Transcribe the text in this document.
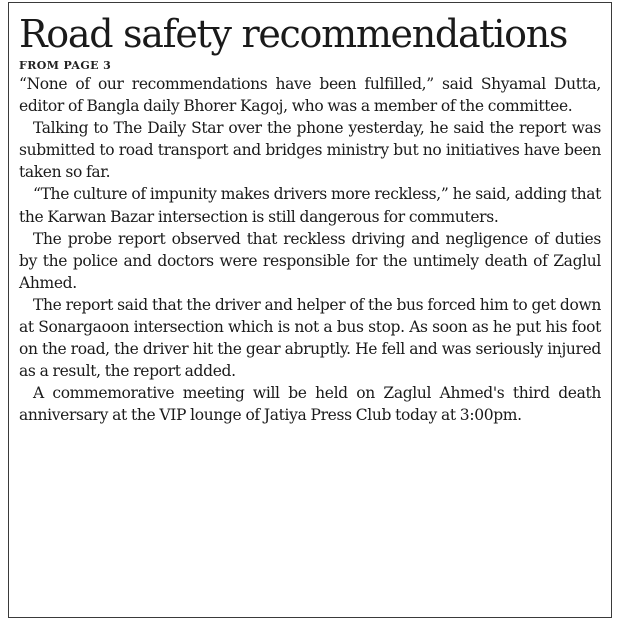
Road safety recommendations
FROM PAGE 3

“None of our recommendations have been fulfilled,” said Shyamal Dutta, editor of Bangla daily Bhorer Kagoj, who was a member of the committee.

Talking to The Daily Star over the phone yesterday, he said the report was submitted to road transport and bridges ministry but no initiatives have been taken so far.

“The culture of impunity makes drivers more reckless,” he said, adding that the Karwan Bazar intersection is still dangerous for commuters.

The probe report observed that reckless driving and negligence of duties by the police and doctors were responsible for the untimely death of Zaglul Ahmed.

The report said that the driver and helper of the bus forced him to get down at Sonargaoon intersection which is not a bus stop. As soon as he put his foot on the road, the driver hit the gear abruptly. He fell and was seriously injured as a result, the report added.

A commemorative meeting will be held on Zaglul Ahmed's third death anniversary at the VIP lounge of Jatiya Press Club today at 3:00pm.
